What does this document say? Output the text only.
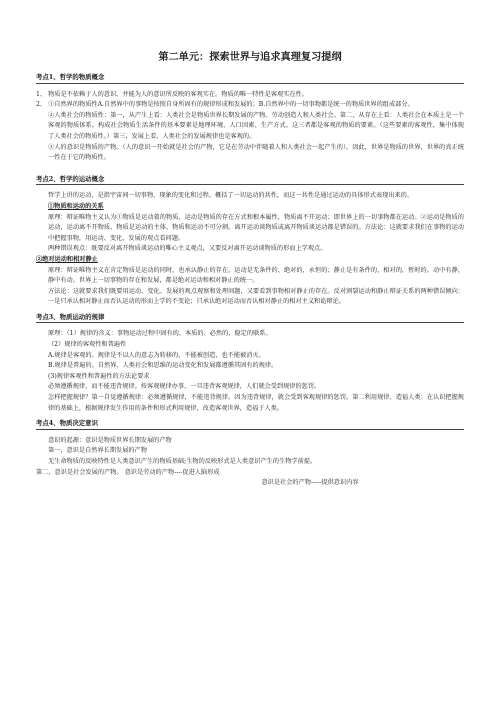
第二单元：探索世界与追求真理复习提纲
考点1、哲学的物质概念
1、 物质是不依赖于人的意识、并能为人的意识所反映的客观实在。物质的唯一特性是客观实在性。
2、 ①自然界的物质性A.自然界中的事物是按照自身所固有的规律形成和发展的；B.自然界中的一切事物都是统一的物质世界的组成部分。
②人类社会的物质性：第一，从产生上看：人类社会是物质世界长期发展的产物。劳动创造人和人类社会。第二，从存在上看：人类社会在本质上是一个客观的物质体系。构成社会物质生活条件的基本要素是地理环境、人口因素、生产方式。这三者都是客观的物质的要素。（这些要素的客观性，集中体现了人类社会的物质性。）第三，发展上看，人类社会的发展规律也是客观的。
③人的意识是物质的产物。（人的意识一开始就是社会的产物，它是在劳动中伴随着人和人类社会一起产生的）。因此，世界是物质的世界，世界的真正统一性在于它的物质性。
考点2、哲学的运动概念
哲学上讲的运动，是指宇宙间一切事物、现象的变化和过程。概括了一切运动的共性，而这一共性是通过运动的具体形式表现出来的。
①物质和运动的关系
原理：辩证唯物主义认为①物质是运动着的物质，运动是物质的存在方式和根本属性，物质离不开运动；即世界上的一切事物都在运动。②运动是物质的运动，运动离不开物质，物质是运动的主体，物质和运动不可分割。离开运动谈物质或离开物质谈运动都是错误的。方法论：这就要求我们在事物的运动中把握事物，用运动、变化、发展的观点看问题。
两种错误观点：既要反对离开物质谈运动的唯心主义观点，又要反对离开运动谈物质的形而上学观点。
②绝对运动和相对静止
原理：辩证唯物主义在肯定物质是运动的同时，也承认静止的存在。运动是无条件的、绝对的，永恒的；静止是有条件的，相对的，暂时的。动中有静，静中有动。世界上一切事物的存在和发展，都是绝对运动和相对静止的统一。
方法论：这就要求我们既要用运动、变化、发展的观点观察和处理问题，又要看到事物相对静止的存在。反对割裂运动和静止辩证关系的两种错误倾向：一是只承认相对静止而否认运动的形而上学的不变论；只承认绝对运动而否认相对静止的相对主义和诡辩论。
考点3、物质运动的规律
原理：（1）规律的含义：事物运动过程中固有的、本质的、必然的、稳定的联系。
（2）规律的客观性和普遍性
A.规律是客观的。规律是不以人的意志为转移的，不能被创造，也不能被消灭。
B.规律是普遍的。自然界、人类社会和思维的运动变化和发展都遵循其固有的规律。
(3)规律客观性和普遍性的方法论要求
必须遵循规律，而不能违背规律。按客观规律办事，一旦违背客观规律，人们就会受到规律的惩罚。
怎样把握规律？第一自觉遵循规律：必须遵循规律，不能违背规律。因为违背规律，就会受到客观规律的惩罚。第二利用规律、造福人类：在认识把握规律的基础上，根据规律发生作用的条件和形式利用规律，改造客观世界，造福于人类。
考点4、物质决定意识
意识的起源：意识是物质世界长期发展的产物
第一，意识是自然界长期发展的产物
无生命物质的反映特性是人类意识产生的物质基础;生物的反映形式是人类意识产生的生物学前提。
第二，意识是社会发展的产物。 意识是劳动的产物----促进人脑形成
意识是社会的产物-----提供意识内容
